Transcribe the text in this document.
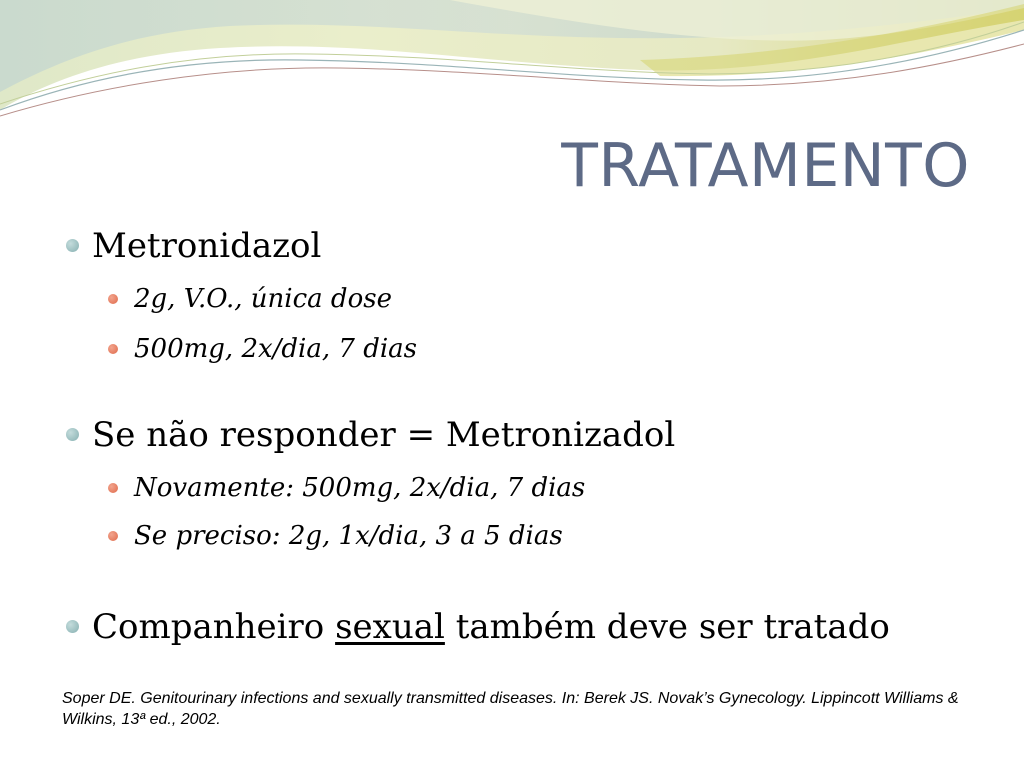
TRATAMENTO
Metronidazol
2g, V.O., única dose
500mg, 2x/dia, 7 dias
Se não responder = Metronizadol
Novamente: 500mg, 2x/dia, 7 dias
Se preciso: 2g, 1x/dia, 3 a 5 dias
Companheiro sexual também deve ser tratado
Soper DE. Genitourinary infections and sexually transmitted diseases. In: Berek JS. Novak’s Gynecology. Lippincott Williams & Wilkins, 13ª ed., 2002.
